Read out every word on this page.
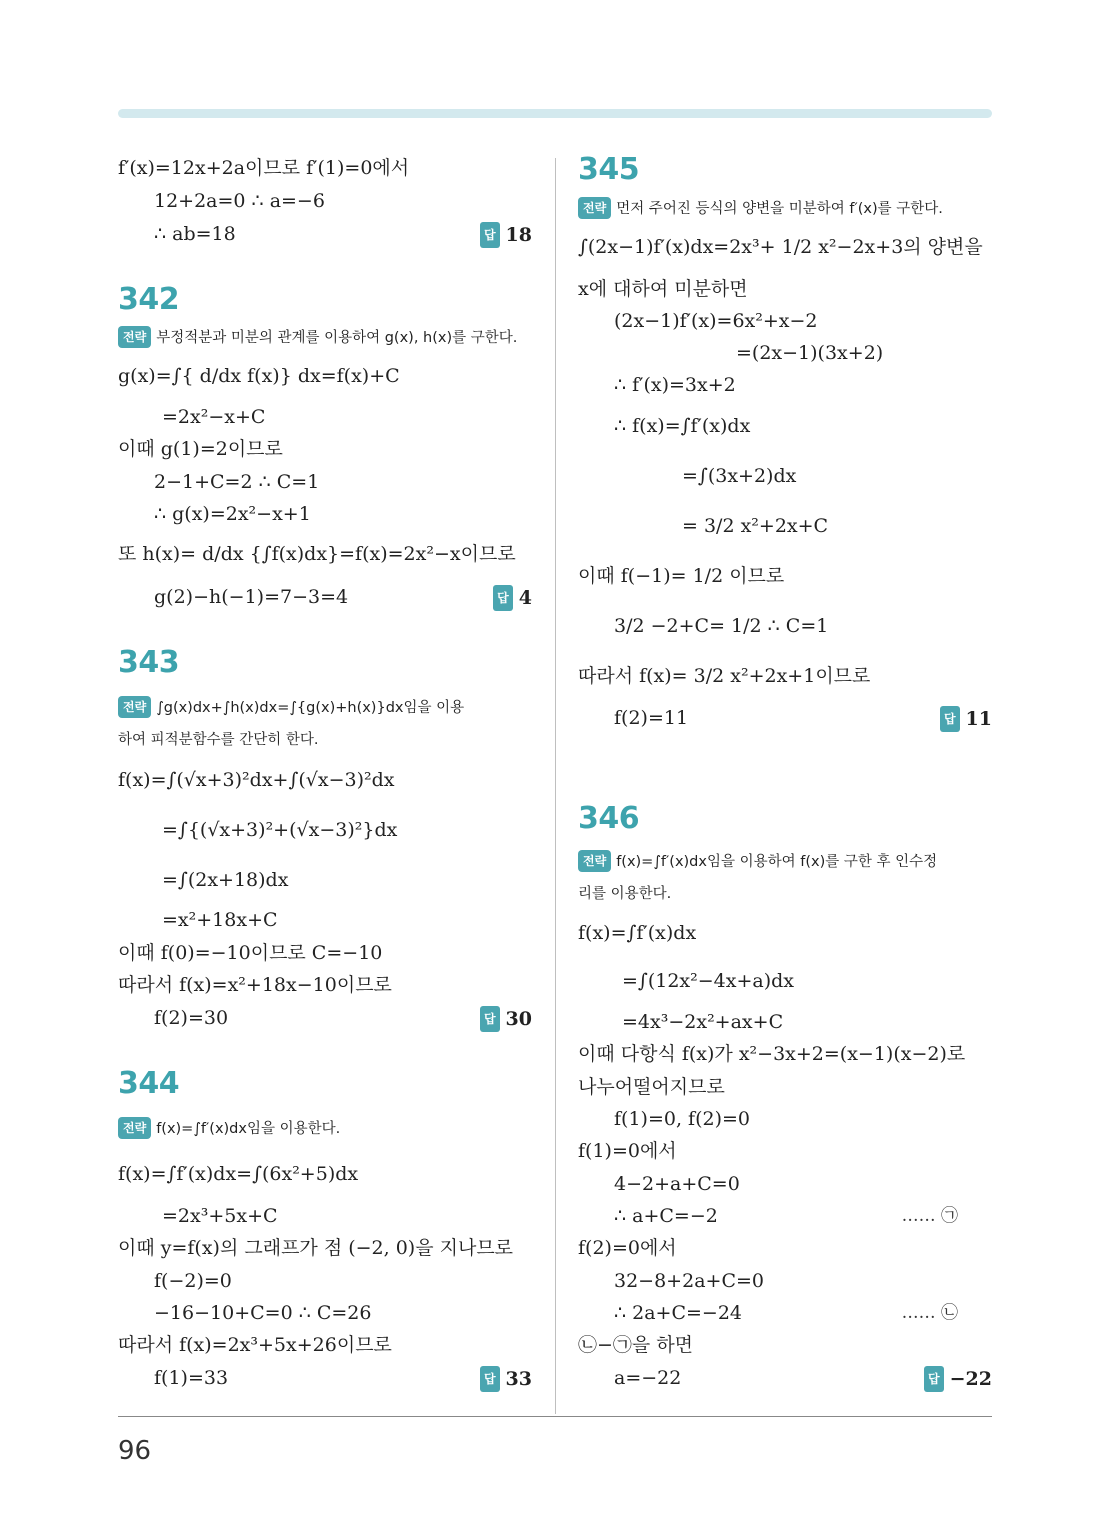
f′(x)=12x+2a이므로 f′(1)=0에서
12+2a=0 ∴ a=−6
∴ ab=18	답 18
342
전략 부정적분과 미분의 관계를 이용하여 g(x), h(x)를 구한다.
g(x)=∫{ d/dx f(x)} dx=f(x)+C
=2x²−x+C
이때 g(1)=2이므로
2−1+C=2 ∴ C=1
∴ g(x)=2x²−x+1
또 h(x)= d/dx {∫f(x)dx}=f(x)=2x²−x이므로
g(2)−h(−1)=7−3=4	답 4
343
전략 ∫g(x)dx+∫h(x)dx=∫{g(x)+h(x)}dx임을 이용
하여 피적분함수를 간단히 한다.
f(x)=∫(√x+3)²dx+∫(√x−3)²dx
=∫{(√x+3)²+(√x−3)²}dx
=∫(2x+18)dx
=x²+18x+C
이때 f(0)=−10이므로 C=−10
따라서 f(x)=x²+18x−10이므로
f(2)=30	답 30
344
전략 f(x)=∫f′(x)dx임을 이용한다.
f(x)=∫f′(x)dx=∫(6x²+5)dx
=2x³+5x+C
이때 y=f(x)의 그래프가 점 (−2, 0)을 지나므로
f(−2)=0
−16−10+C=0 ∴ C=26
따라서 f(x)=2x³+5x+26이므로
f(1)=33	답 33
345
전략 먼저 주어진 등식의 양변을 미분하여 f′(x)를 구한다.
∫(2x−1)f′(x)dx=2x³+ 1/2 x²−2x+3의 양변을
x에 대하여 미분하면
(2x−1)f′(x)=6x²+x−2
=(2x−1)(3x+2)
∴ f′(x)=3x+2
∴ f(x)=∫f′(x)dx
=∫(3x+2)dx
= 3/2 x²+2x+C
이때 f(−1)= 1/2 이므로
3/2 −2+C= 1/2 ∴ C=1
따라서 f(x)= 3/2 x²+2x+1이므로
f(2)=11	답 11
346
전략 f(x)=∫f′(x)dx임을 이용하여 f(x)를 구한 후 인수정
리를 이용한다.
f(x)=∫f′(x)dx
=∫(12x²−4x+a)dx
=4x³−2x²+ax+C
이때 다항식 f(x)가 x²−3x+2=(x−1)(x−2)로
나누어떨어지므로
f(1)=0, f(2)=0
f(1)=0에서
4−2+a+C=0
∴ a+C=−2	…… ㉠
f(2)=0에서
32−8+2a+C=0
∴ 2a+C=−24	…… ㉡
㉡−㉠을 하면
a=−22	답 −22
96
